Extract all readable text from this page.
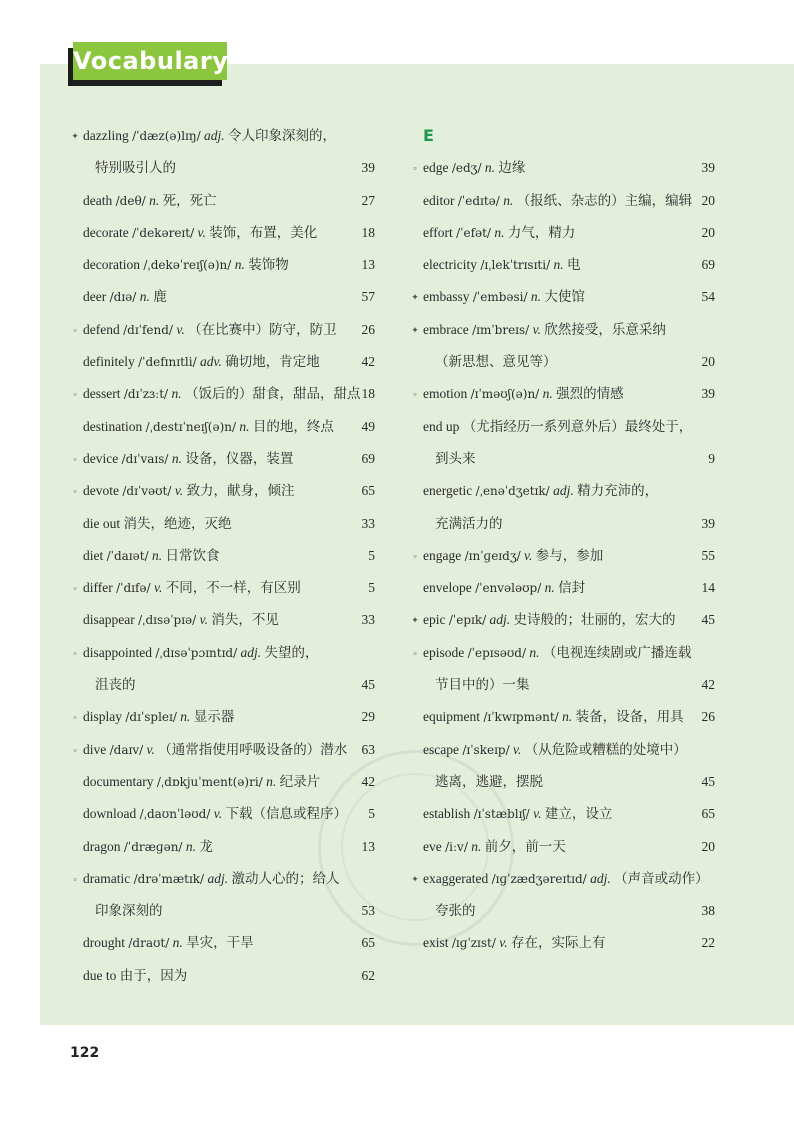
Vocabulary
✦ dazzling /ˈdæz(ə)lɪŋ/ adj. 令人印象深刻的，
特别吸引人的	39
death /deθ/ n. 死，死亡	27
decorate /ˈdekəreɪt/ v. 装饰，布置，美化	18
decoration /ˌdekəˈreɪʃ(ə)n/ n. 装饰物	13
deer /dɪə/ n. 鹿	57
▫ defend /dɪˈfend/ v. （在比赛中）防守，防卫 26
definitely /ˈdefɪnɪtli/ adv. 确切地，肯定地	42
▫ dessert /dɪˈzɜːt/ n. （饭后的）甜食，甜品，甜点 18
destination /ˌdestɪˈneɪʃ(ə)n/ n. 目的地，终点 49
▫ device /dɪˈvaɪs/ n. 设备，仪器，装置	69
▫ devote /dɪˈvəʊt/ v. 致力，献身，倾注	65
die out 消失，绝迹，灭绝	33
diet /ˈdaɪət/ n. 日常饮食	5
▫ differ /ˈdɪfə/ v. 不同，不一样，有区别	5
disappear /ˌdɪsəˈpɪə/ v. 消失，不见	33
▫ disappointed /ˌdɪsəˈpɔɪntɪd/ adj. 失望的，
沮丧的	45
▫ display /dɪˈspleɪ/ n. 显示器	29
▫ dive /daɪv/ v. （通常指使用呼吸设备的）潜水 63
documentary /ˌdɒkjuˈment(ə)ri/ n. 纪录片	42
download /ˌdaʊnˈləʊd/ v. 下载（信息或程序） 5
dragon /ˈdræɡən/ n. 龙	13
▫ dramatic /drəˈmætɪk/ adj. 激动人心的；给人
印象深刻的	53
drought /draʊt/ n. 旱灾，干旱	65
due to 由于，因为	62
E
▫ edge /edʒ/ n. 边缘	39
editor /ˈedɪtə/ n. （报纸、杂志的）主编，编辑 20
effort /ˈefət/ n. 力气，精力	20
electricity /ɪˌlekˈtrɪsɪti/ n. 电	69
✦ embassy /ˈembəsi/ n. 大使馆	54
✦ embrace /ɪmˈbreɪs/ v. 欣然接受，乐意采纳
（新思想、意见等）	20
▫ emotion /ɪˈməʊʃ(ə)n/ n. 强烈的情感	39
end up （尤指经历一系列意外后）最终处于，
到头来	9
energetic /ˌenəˈdʒetɪk/ adj. 精力充沛的，
充满活力的	39
▫ engage /ɪnˈɡeɪdʒ/ v. 参与，参加	55
envelope /ˈenvələʊp/ n. 信封	14
✦ epic /ˈepɪk/ adj. 史诗般的；壮丽的，宏大的 45
▫ episode /ˈepɪsəʊd/ n. （电视连续剧或广播连载
节目中的）一集	42
equipment /ɪˈkwɪpmənt/ n. 装备，设备，用具 26
escape /ɪˈskeɪp/ v. （从危险或糟糕的处境中）
逃离，逃避，摆脱	45
establish /ɪˈstæblɪʃ/ v. 建立，设立	65
eve /iːv/ n. 前夕，前一天	20
✦ exaggerated /ɪɡˈzædʒəreɪtɪd/ adj. （声音或动作）
夸张的	38
exist /ɪɡˈzɪst/ v. 存在，实际上有	22
122
